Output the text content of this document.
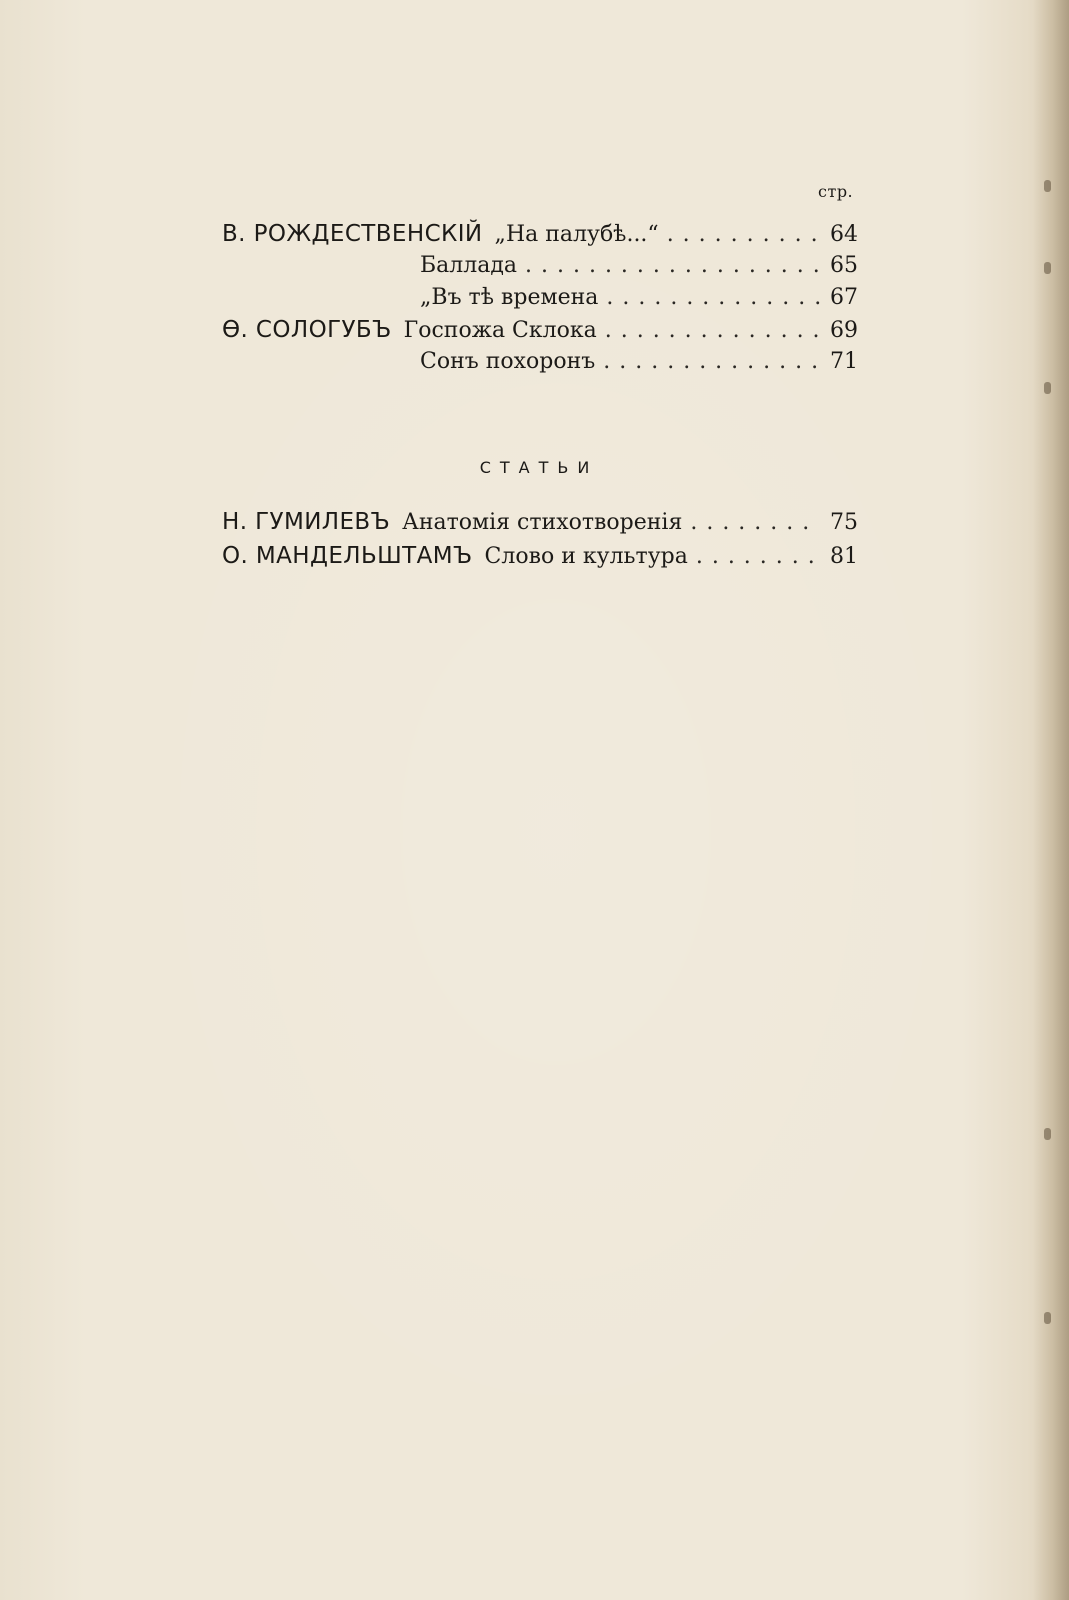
стр.
В. РОЖДЕСТВЕНСКIЙ „На палубѣ...“ . . .	64
Баллада . . .	65
„Въ тѣ времена . . .	67
Ѳ. СОЛОГУБЪ Госпожа Склока . . .	69
Сонъ похоронъ . . .	71
СТАТЬИ
Н. ГУМИЛЕВЪ Анатомiя стихотворенiя . . .	75
О. МАНДЕЛЬШТАМЪ Слово и культура . . .	81
